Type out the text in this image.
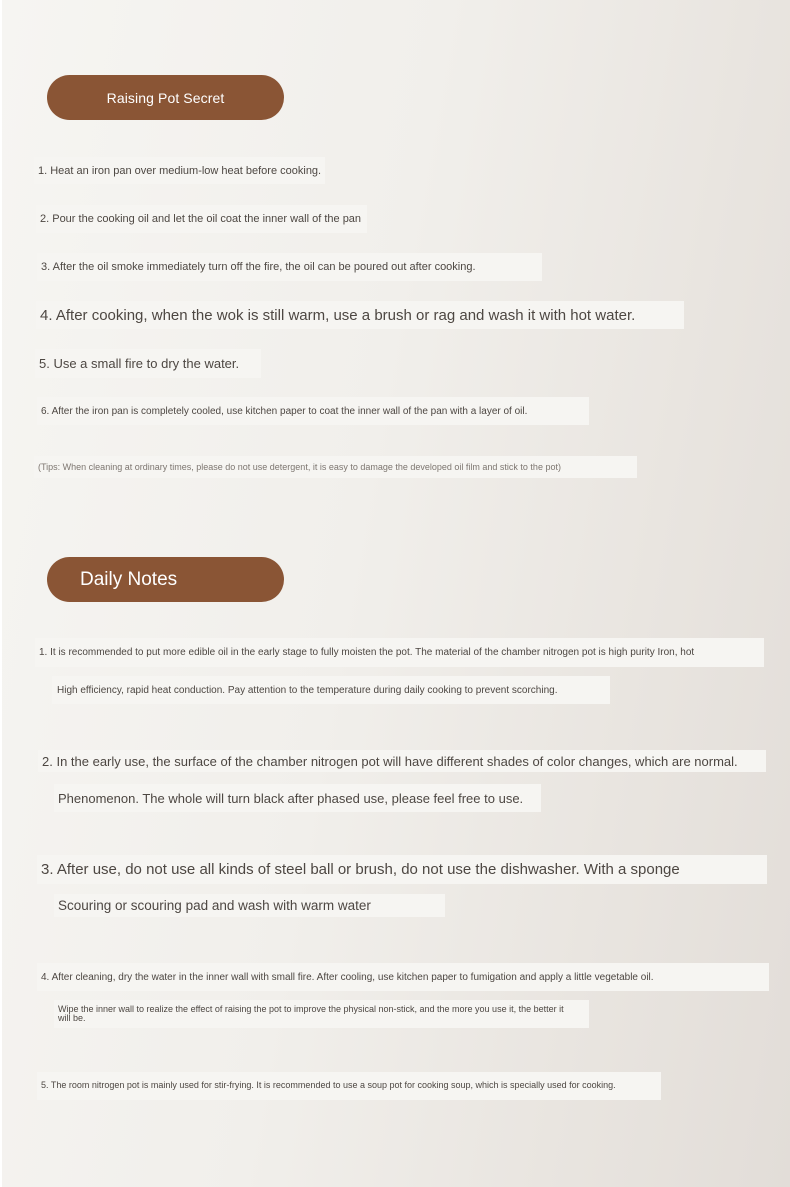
Raising Pot Secret
1. Heat an iron pan over medium-low heat before cooking.
2. Pour the cooking oil and let the oil coat the inner wall of the pan
3. After the oil smoke immediately turn off the fire, the oil can be poured out after cooking.
4. After cooking, when the wok is still warm, use a brush or rag and wash it with hot water.
5. Use a small fire to dry the water.
6. After the iron pan is completely cooled, use kitchen paper to coat the inner wall of the pan with a layer of oil.
(Tips: When cleaning at ordinary times, please do not use detergent, it is easy to damage the developed oil film and stick to the pot)
Daily Notes
1. It is recommended to put more edible oil in the early stage to fully moisten the pot. The material of the chamber nitrogen pot is high purity Iron, hot
High efficiency, rapid heat conduction. Pay attention to the temperature during daily cooking to prevent scorching.
2. In the early use, the surface of the chamber nitrogen pot will have different shades of color changes, which are normal.
Phenomenon. The whole will turn black after phased use, please feel free to use.
3. After use, do not use all kinds of steel ball or brush, do not use the dishwasher. With a sponge
Scouring or scouring pad and wash with warm water
4. After cleaning, dry the water in the inner wall with small fire. After cooling, use kitchen paper to fumigation and apply a little vegetable oil.
Wipe the inner wall to realize the effect of raising the pot to improve the physical non-stick, and the more you use it, the better it will be.
5. The room nitrogen pot is mainly used for stir-frying. It is recommended to use a soup pot for cooking soup, which is specially used for cooking.
